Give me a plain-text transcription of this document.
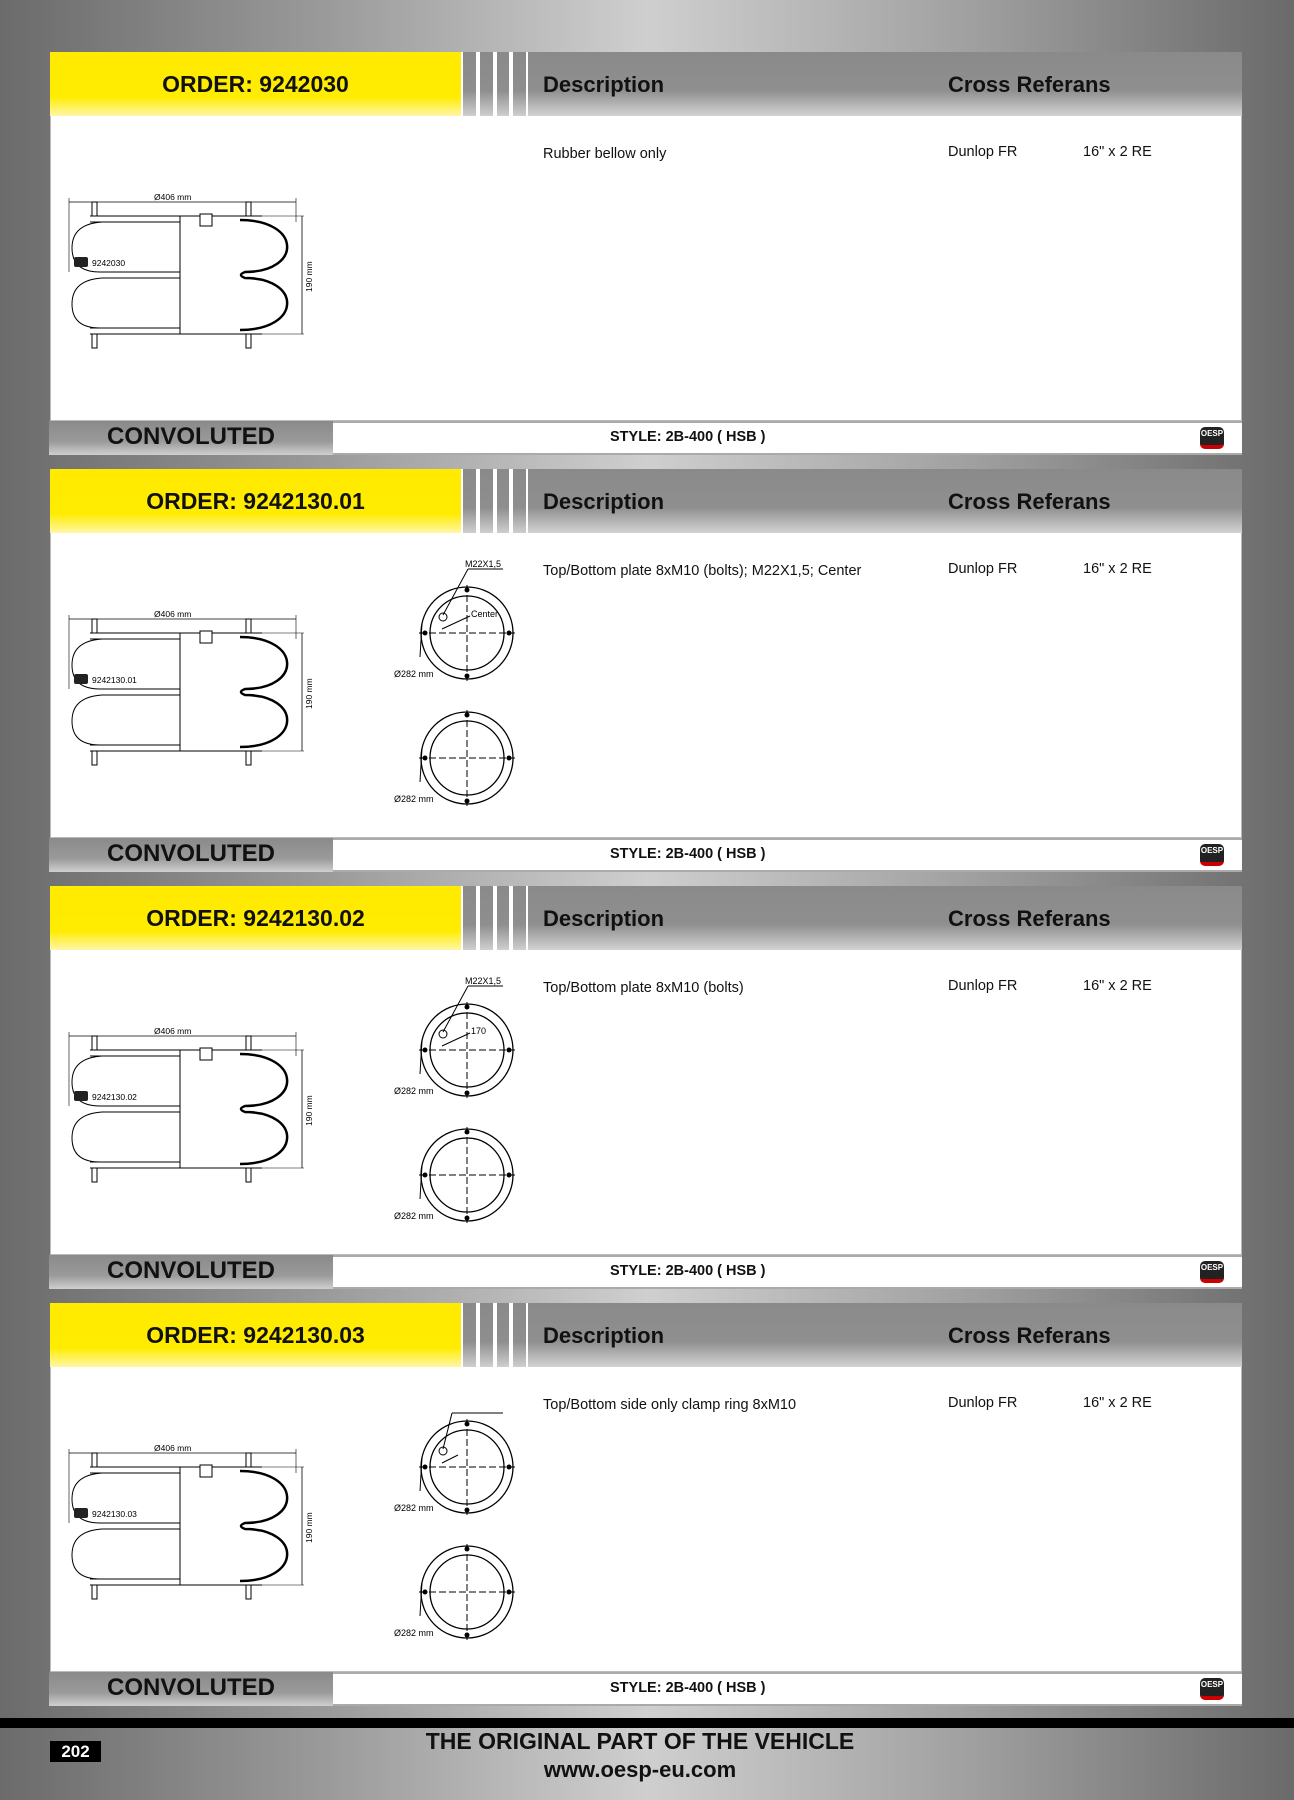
ORDER: 9242030	Description	Cross Referans
Rubber bellow only	Dunlop FR	16" x 2 RE
Ø406 mm
190 mm
9242030
CONVOLUTED	STYLE: 2B-400 ( HSB )	OESP
ORDER: 9242130.01	Description	Cross Referans
Top/Bottom plate 8xM10 (bolts); M22X1,5; Center	Dunlop FR	16" x 2 RE
Ø406 mm
190 mm
9242130.01
M22X1,5
Center
Ø282 mm
Ø282 mm
CONVOLUTED	STYLE: 2B-400 ( HSB )	OESP
ORDER: 9242130.02	Description	Cross Referans
Top/Bottom plate 8xM10 (bolts)	Dunlop FR	16" x 2 RE
Ø406 mm
190 mm
9242130.02
M22X1,5
170
Ø282 mm
Ø282 mm
CONVOLUTED	STYLE: 2B-400 ( HSB )	OESP
ORDER: 9242130.03	Description	Cross Referans
Top/Bottom side only clamp ring 8xM10	Dunlop FR	16" x 2 RE
Ø406 mm
190 mm
9242130.03
Ø282 mm
Ø282 mm
CONVOLUTED	STYLE: 2B-400 ( HSB )	OESP
202	THE ORIGINAL PART OF THE VEHICLE
www.oesp-eu.com
